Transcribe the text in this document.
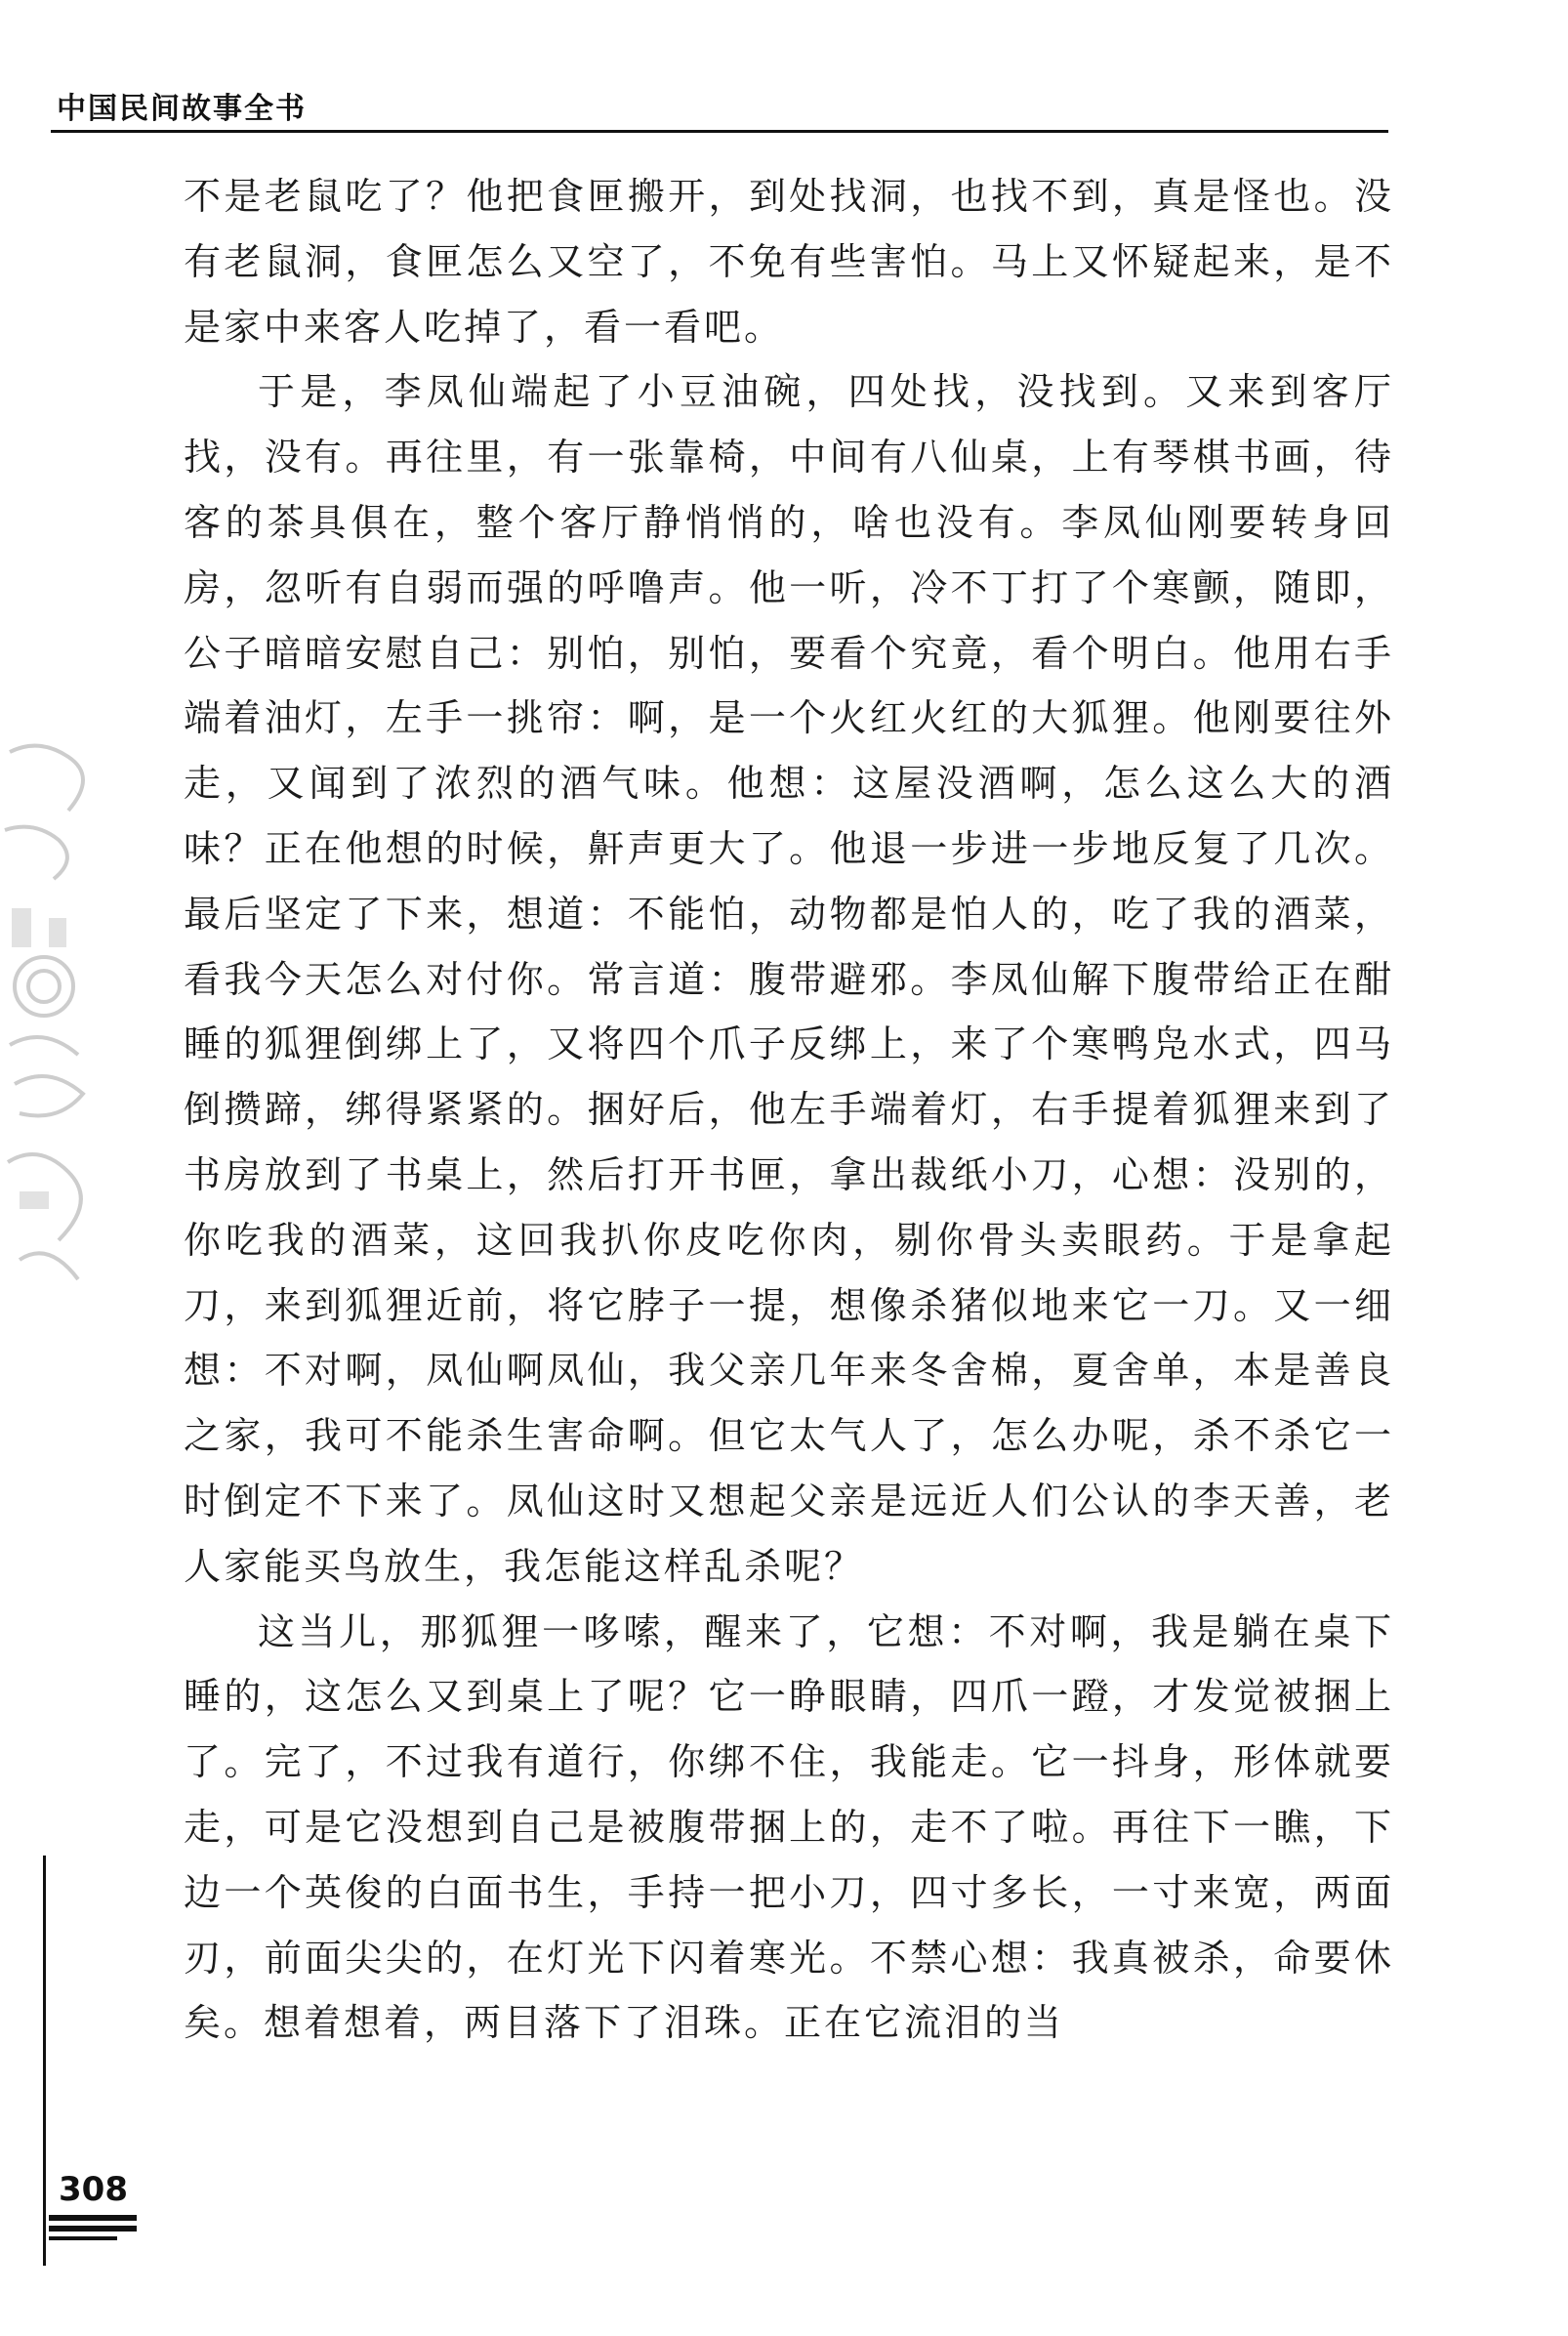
中国民间故事全书

不是老鼠吃了？他把食匣搬开，到处找洞，也找不到，真是怪也。没有老鼠洞，食匣怎么又空了，不免有些害怕。马上又怀疑起来，是不是家中来客人吃掉了，看一看吧。

于是，李凤仙端起了小豆油碗，四处找，没找到。又来到客厅找，没有。再往里，有一张靠椅，中间有八仙桌，上有琴棋书画，待客的茶具俱在，整个客厅静悄悄的，啥也没有。李凤仙刚要转身回房，忽听有自弱而强的呼噜声。他一听，冷不丁打了个寒颤，随即，公子暗暗安慰自己：别怕，别怕，要看个究竟，看个明白。他用右手端着油灯，左手一挑帘：啊，是一个火红火红的大狐狸。他刚要往外走，又闻到了浓烈的酒气味。他想：这屋没酒啊，怎么这么大的酒味？正在他想的时候，鼾声更大了。他退一步进一步地反复了几次。最后坚定了下来，想道：不能怕，动物都是怕人的，吃了我的酒菜，看我今天怎么对付你。常言道：腹带避邪。李凤仙解下腹带给正在酣睡的狐狸倒绑上了，又将四个爪子反绑上，来了个寒鸭凫水式，四马倒攒蹄，绑得紧紧的。捆好后，他左手端着灯，右手提着狐狸来到了书房放到了书桌上，然后打开书匣，拿出裁纸小刀，心想：没别的，你吃我的酒菜，这回我扒你皮吃你肉，剔你骨头卖眼药。于是拿起刀，来到狐狸近前，将它脖子一提，想像杀猪似地来它一刀。又一细想：不对啊，凤仙啊凤仙，我父亲几年来冬舍棉，夏舍单，本是善良之家，我可不能杀生害命啊。但它太气人了，怎么办呢，杀不杀它一时倒定不下来了。凤仙这时又想起父亲是远近人们公认的李天善，老人家能买鸟放生，我怎能这样乱杀呢？

这当儿，那狐狸一哆嗦，醒来了，它想：不对啊，我是躺在桌下睡的，这怎么又到桌上了呢？它一睁眼睛，四爪一蹬，才发觉被捆上了。完了，不过我有道行，你绑不住，我能走。它一抖身，形体就要走，可是它没想到自己是被腹带捆上的，走不了啦。再往下一瞧，下边一个英俊的白面书生，手持一把小刀，四寸多长，一寸来宽，两面刃，前面尖尖的，在灯光下闪着寒光。不禁心想：我真被杀，命要休矣。想着想着，两目落下了泪珠。正在它流泪的当

308
